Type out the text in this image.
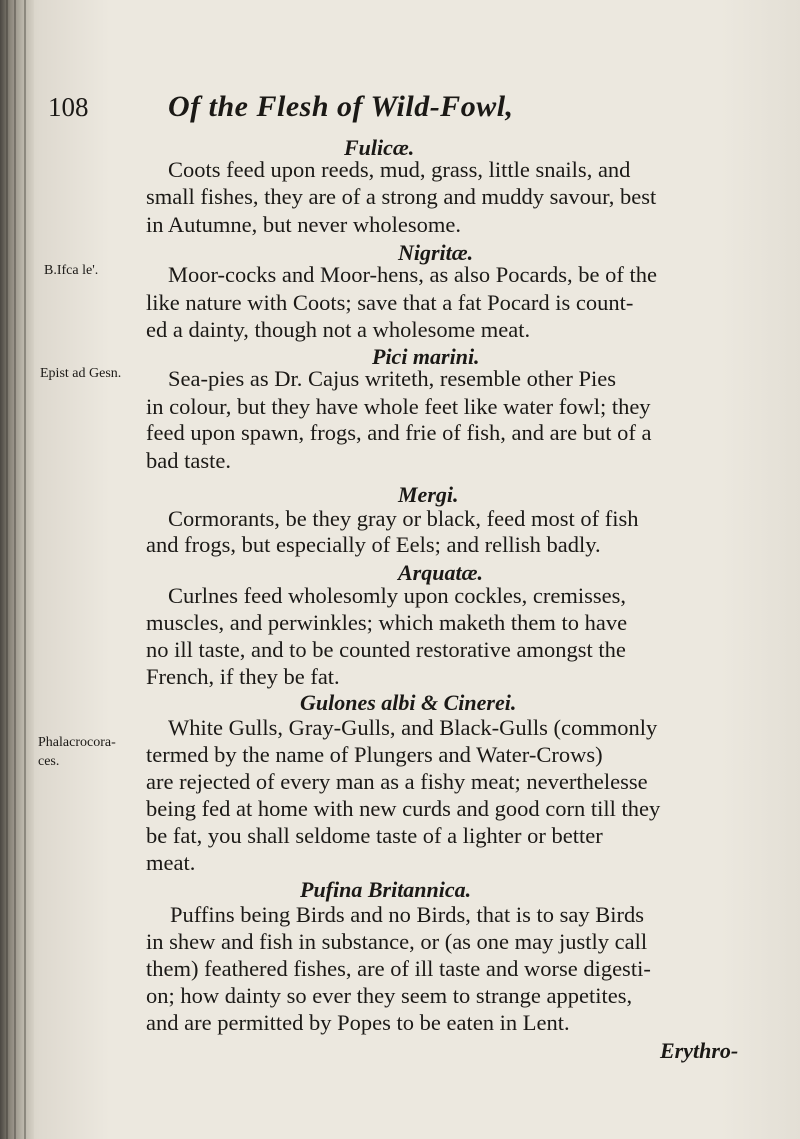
108	Of the Flesh of Wild-Fowl,
B.Ifca le'.
Epist ad Gesn.
Phalacrocora-
ces.
Fulicæ.
Coots feed upon reeds, mud, grass, little snails, and
small fishes, they are of a strong and muddy savour, best
in Autumne, but never wholesome.
Nigritæ.
Moor-cocks and Moor-hens, as also Pocards, be of the
like nature with Coots; save that a fat Pocard is count-
ed a dainty, though not a wholesome meat.
Pici marini.
Sea-pies as Dr. Cajus writeth, resemble other Pies
in colour, but they have whole feet like water fowl; they
feed upon spawn, frogs, and frie of fish, and are but of a
bad taste.
Mergi.
Cormorants, be they gray or black, feed most of fish
and frogs, but especially of Eels; and rellish badly.
Arquatæ.
Curlnes feed wholesomly upon cockles, cremisses,
muscles, and perwinkles; which maketh them to have
no ill taste, and to be counted restorative amongst the
French, if they be fat.
Gulones albi & Cinerei.
White Gulls, Gray-Gulls, and Black-Gulls (commonly
termed by the name of Plungers and Water-Crows)
are rejected of every man as a fishy meat; neverthelesse
being fed at home with new curds and good corn till they
be fat, you shall seldome taste of a lighter or better
meat.
Pufina Britannica.
Puffins being Birds and no Birds, that is to say Birds
in shew and fish in substance, or (as one may justly call
them) feathered fishes, are of ill taste and worse digesti-
on; how dainty so ever they seem to strange appetites,
and are permitted by Popes to be eaten in Lent.
Erythro-
